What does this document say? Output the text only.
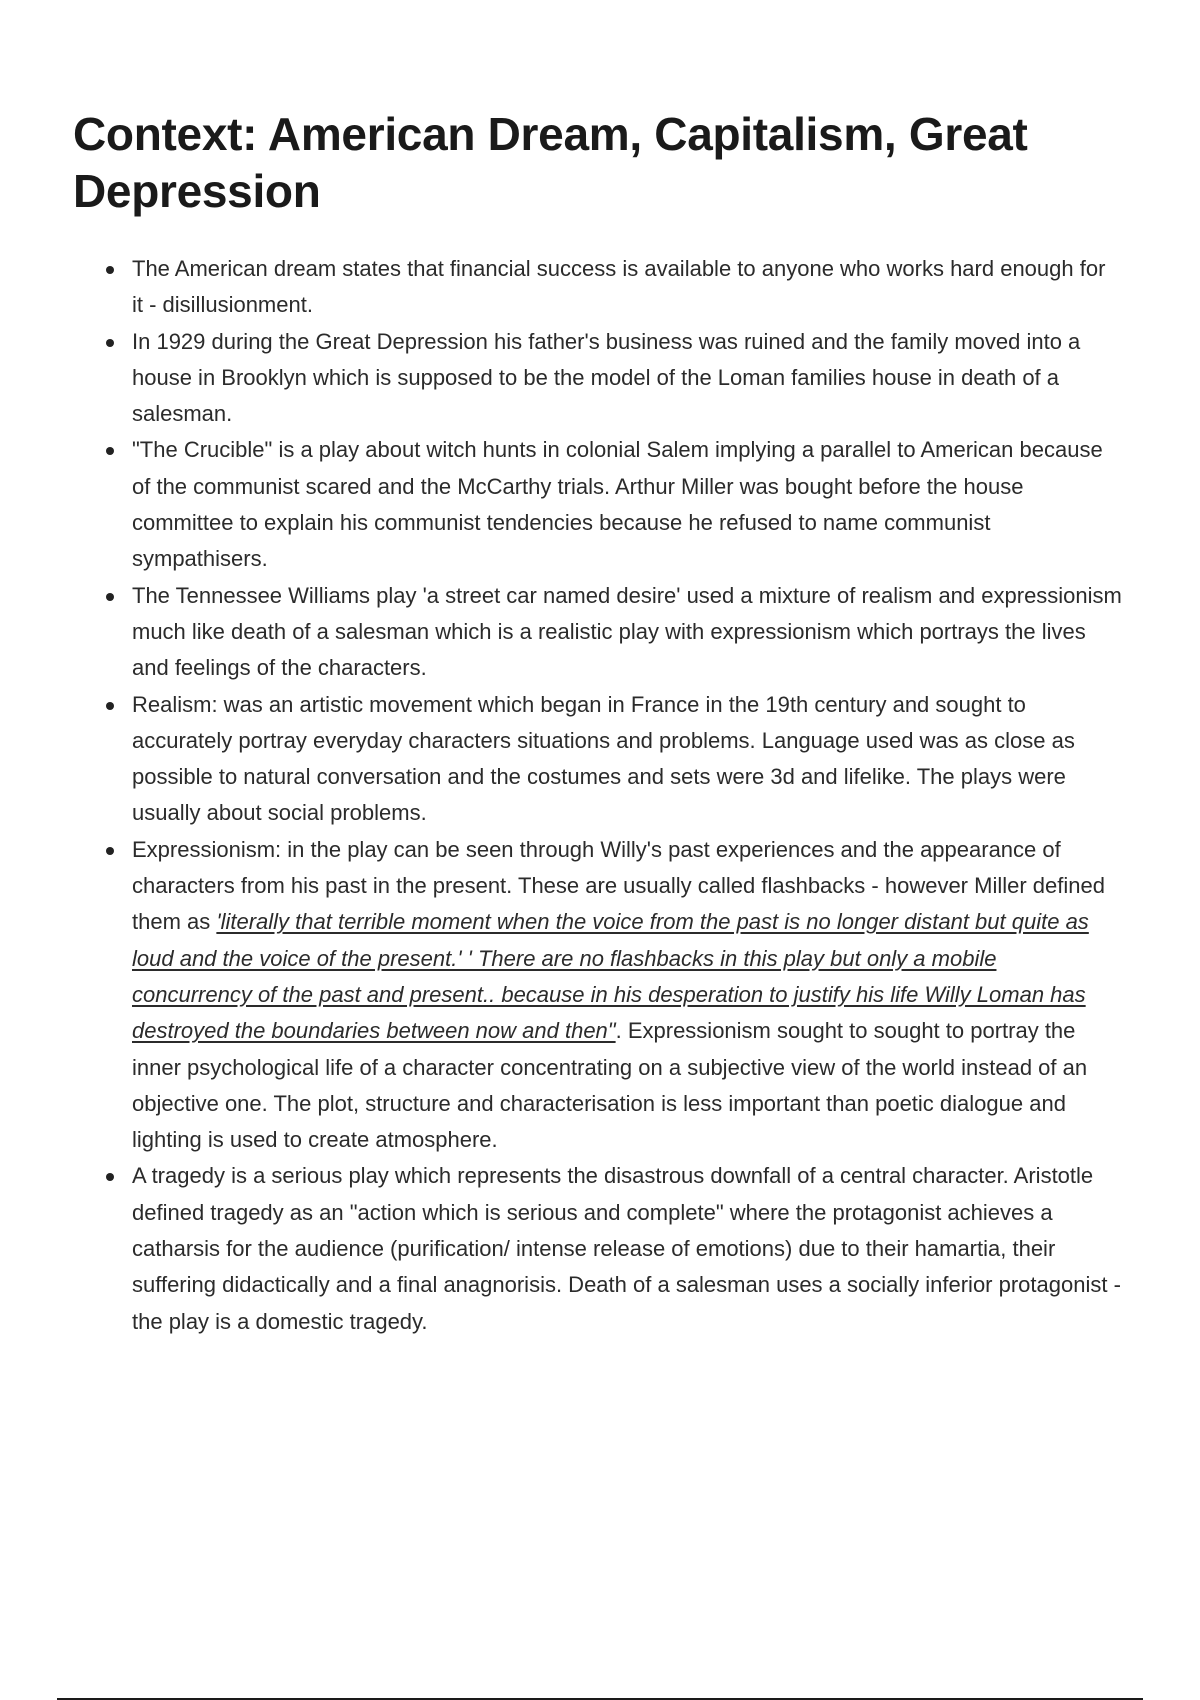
Context: American Dream, Capitalism, Great Depression
The American dream states that financial success is available to anyone who works hard enough for it - disillusionment.
In 1929 during the Great Depression his father's business was ruined and the family moved into a house in Brooklyn which is supposed to be the model of the Loman families house in death of a salesman.
"The Crucible" is a play about witch hunts in colonial Salem implying a parallel to American because of the communist scared and the McCarthy trials. Arthur Miller was bought before the house committee to explain his communist tendencies because he refused to name communist sympathisers.
The Tennessee Williams play 'a street car named desire' used a mixture of realism and expressionism much like death of a salesman which is a realistic play with expressionism which portrays the lives and feelings of the characters.
Realism: was an artistic movement which began in France in the 19th century and sought to accurately portray everyday characters situations and problems. Language used was as close as possible to natural conversation and the costumes and sets were 3d and lifelike. The plays were usually about social problems.
Expressionism: in the play can be seen through Willy's past experiences and the appearance of characters from his past in the present. These are usually called flashbacks - however Miller defined them as 'literally that terrible moment when the voice from the past is no longer distant but quite as loud and the voice of the present.' ' There are no flashbacks in this play but only a mobile concurrency of the past and present.. because in his desperation to justify his life Willy Loman has destroyed the boundaries between now and then". Expressionism sought to sought to portray the inner psychological life of a character concentrating on a subjective view of the world instead of an objective one. The plot, structure and characterisation is less important than poetic dialogue and lighting is used to create atmosphere.
A tragedy is a serious play which represents the disastrous downfall of a central character. Aristotle defined tragedy as an "action which is serious and complete" where the protagonist achieves a catharsis for the audience (purification/ intense release of emotions) due to their hamartia, their suffering didactically and a final anagnorisis. Death of a salesman uses a socially inferior protagonist - the play is a domestic tragedy.
